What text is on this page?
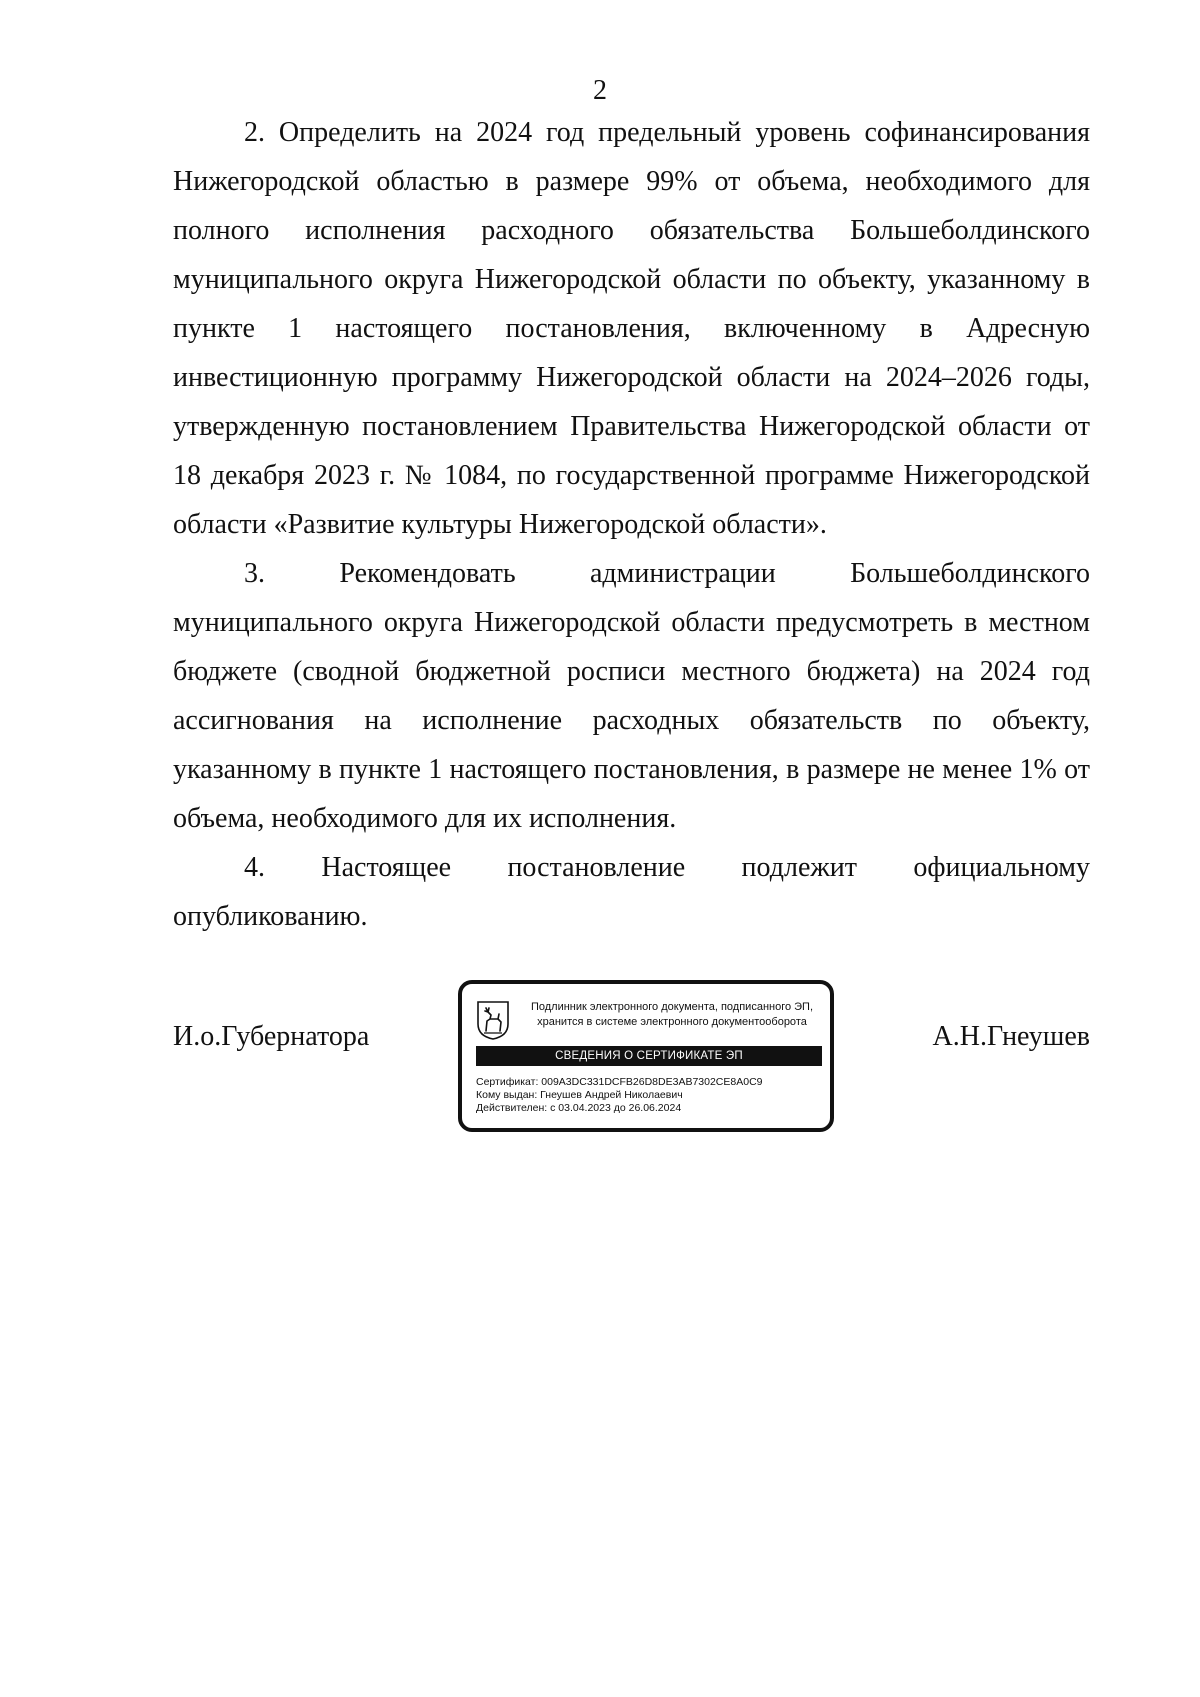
2

2. Определить на 2024 год предельный уровень софинансирования Нижегородской областью в размере 99% от объема, необходимого для полного исполнения расходного обязательства Большеболдинского муниципального округа Нижегородской области по объекту, указанному в пункте 1 настоящего постановления, включенному в Адресную инвестиционную программу Нижегородской области на 2024–2026 годы, утвержденную постановлением Правительства Нижегородской области от 18 декабря 2023 г. № 1084, по государственной программе Нижегородской области «Развитие культуры Нижегородской области».

3. Рекомендовать администрации Большеболдинского муниципального округа Нижегородской области предусмотреть в местном бюджете (сводной бюджетной росписи местного бюджета) на 2024 год ассигнования на исполнение расходных обязательств по объекту, указанному в пункте 1 настоящего постановления, в размере не менее 1% от объема, необходимого для их исполнения.

4. Настоящее постановление подлежит официальному опубликованию.

И.о.Губернатора
Подлинник электронного документа, подписанного ЭП,
хранится в системе электронного документооборота
СВЕДЕНИЯ О СЕРТИФИКАТЕ ЭП
Сертификат: 009A3DC331DCFB26D8DE3AB7302CE8A0C9
Кому выдан: Гнеушев Андрей Николаевич
Действителен: с 03.04.2023 до 26.06.2024
А.Н.Гнеушев
